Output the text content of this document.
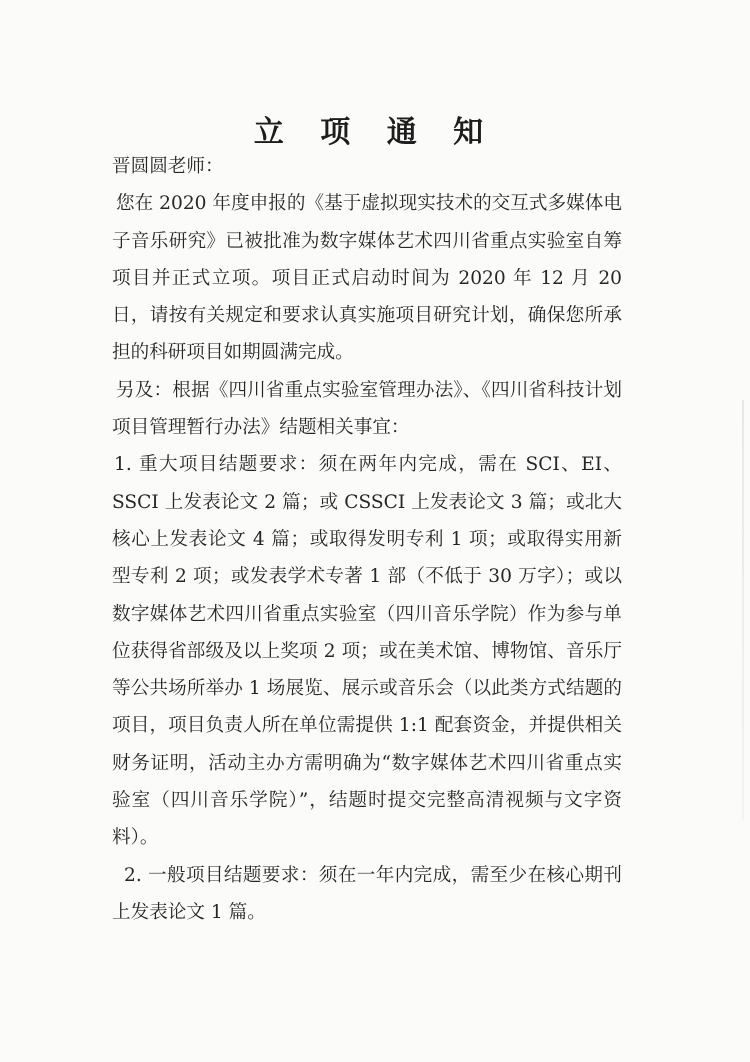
立 项 通 知

晋圆圆老师：

您在 2020 年度申报的《基于虚拟现实技术的交互式多媒体电子音乐研究》已被批准为数字媒体艺术四川省重点实验室自筹项目并正式立项。项目正式启动时间为 2020 年 12 月 20 日，请按有关规定和要求认真实施项目研究计划，确保您所承担的科研项目如期圆满完成。

另及：根据《四川省重点实验室管理办法》、《四川省科技计划项目管理暂行办法》结题相关事宜：

1. 重大项目结题要求：须在两年内完成，需在 SCI、EI、SSCI 上发表论文 2 篇；或 CSSCI 上发表论文 3 篇；或北大核心上发表论文 4 篇；或取得发明专利 1 项；或取得实用新型专利 2 项；或发表学术专著 1 部（不低于 30 万字）；或以数字媒体艺术四川省重点实验室（四川音乐学院）作为参与单位获得省部级及以上奖项 2 项；或在美术馆、博物馆、音乐厅等公共场所举办 1 场展览、展示或音乐会（以此类方式结题的项目，项目负责人所在单位需提供 1:1 配套资金，并提供相关财务证明，活动主办方需明确为“数字媒体艺术四川省重点实验室（四川音乐学院）”，结题时提交完整高清视频与文字资料）。

2. 一般项目结题要求：须在一年内完成，需至少在核心期刊上发表论文 1 篇。
